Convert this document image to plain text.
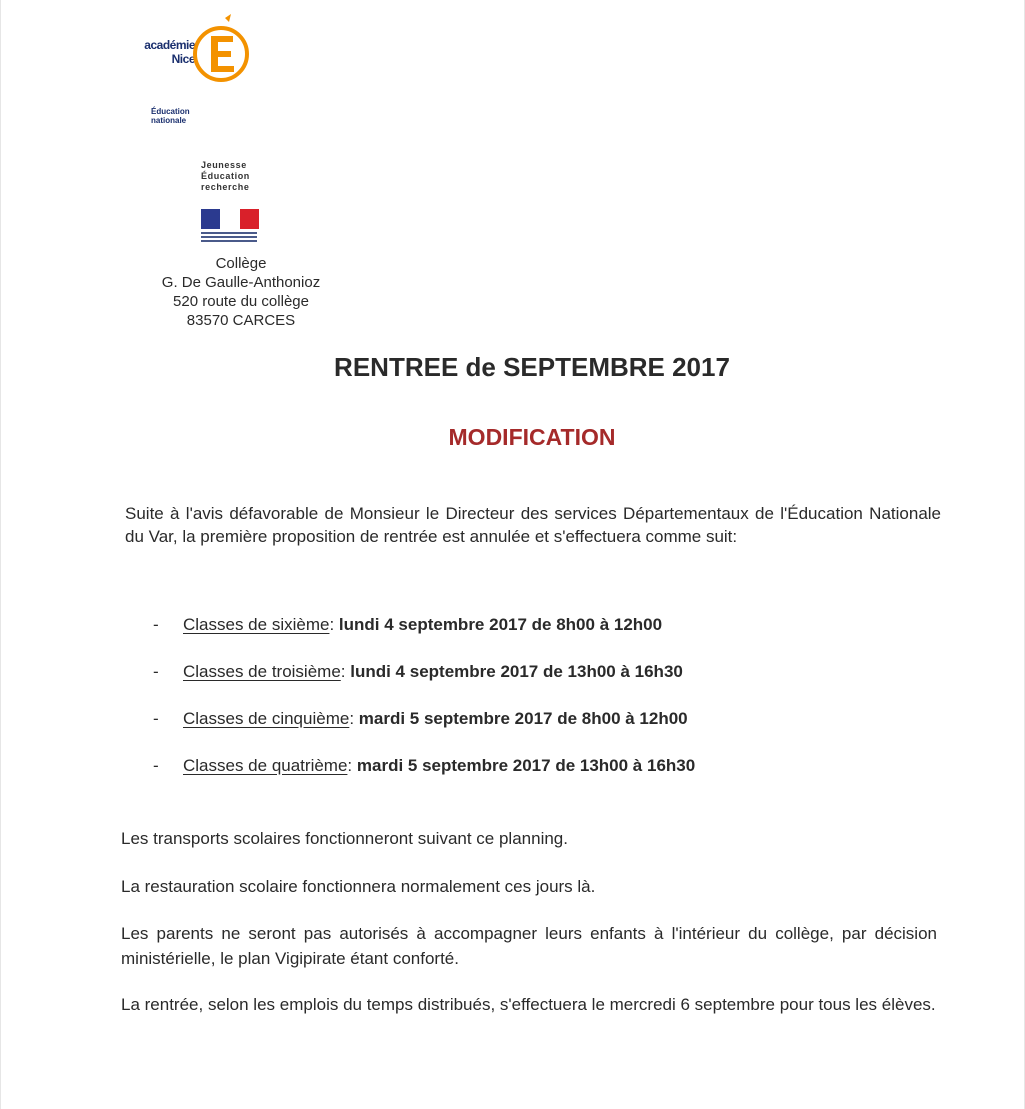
académie
Nice
Éducation
nationale
Jeunesse
Éducation
recherche
Collège
G. De Gaulle-Anthonioz
520 route du collège
83570 CARCES
RENTREE de SEPTEMBRE 2017
MODIFICATION
Suite à l'avis défavorable de Monsieur le Directeur des services Départementaux de l'Éducation Nationale du Var, la première proposition de rentrée est annulée et s'effectuera comme suit:
- Classes de sixième: lundi 4 septembre 2017 de 8h00 à 12h00
- Classes de troisième: lundi 4 septembre 2017 de 13h00 à 16h30
- Classes de cinquième: mardi 5 septembre 2017 de 8h00 à 12h00
- Classes de quatrième: mardi 5 septembre 2017 de 13h00 à 16h30
Les transports scolaires fonctionneront suivant ce planning.
La restauration scolaire fonctionnera normalement ces jours là.
Les parents ne seront pas autorisés à accompagner leurs enfants à l'intérieur du collège, par décision ministérielle, le plan Vigipirate étant conforté.
La rentrée, selon les emplois du temps distribués, s'effectuera le mercredi 6 septembre pour tous les élèves.
